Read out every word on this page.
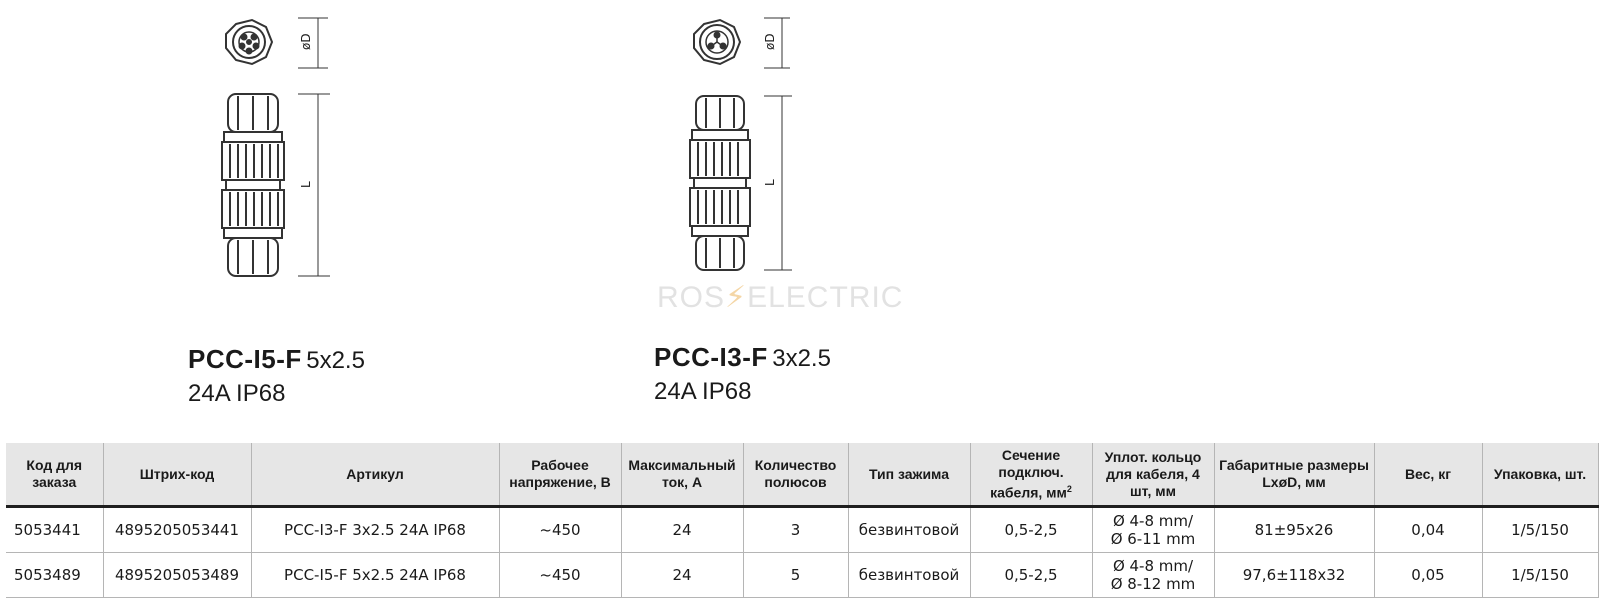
øD
L
øD
L
ROS⚡ELECTRIC
PCC-I5-F 5x2.5
24A IP68
PCC-I3-F 3x2.5
24A IP68
Код для заказа	Штрих-код	Артикул	Рабочее напряжение, В	Максимальный ток, А	Количество полюсов	Тип зажима	Сечение подключ. кабеля, $мм^2$	Уплот. кольцо для кабеля, 4 шт, мм	Габаритные размеры LxøD, мм	Вес, кг	Упаковка, шт.
5053441	4895205053441	PCC-I3-F 3x2.5 24A IP68	~450	24	3	безвинтовой	0,5-2,5	Ø 4-8 mm/
Ø 6-11 mm	81±95x26	0,04	1/5/150
5053489	4895205053489	PCC-I5-F 5x2.5 24A IP68	~450	24	5	безвинтовой	0,5-2,5	Ø 4-8 mm/
Ø 8-12 mm	97,6±118x32	0,05	1/5/150
